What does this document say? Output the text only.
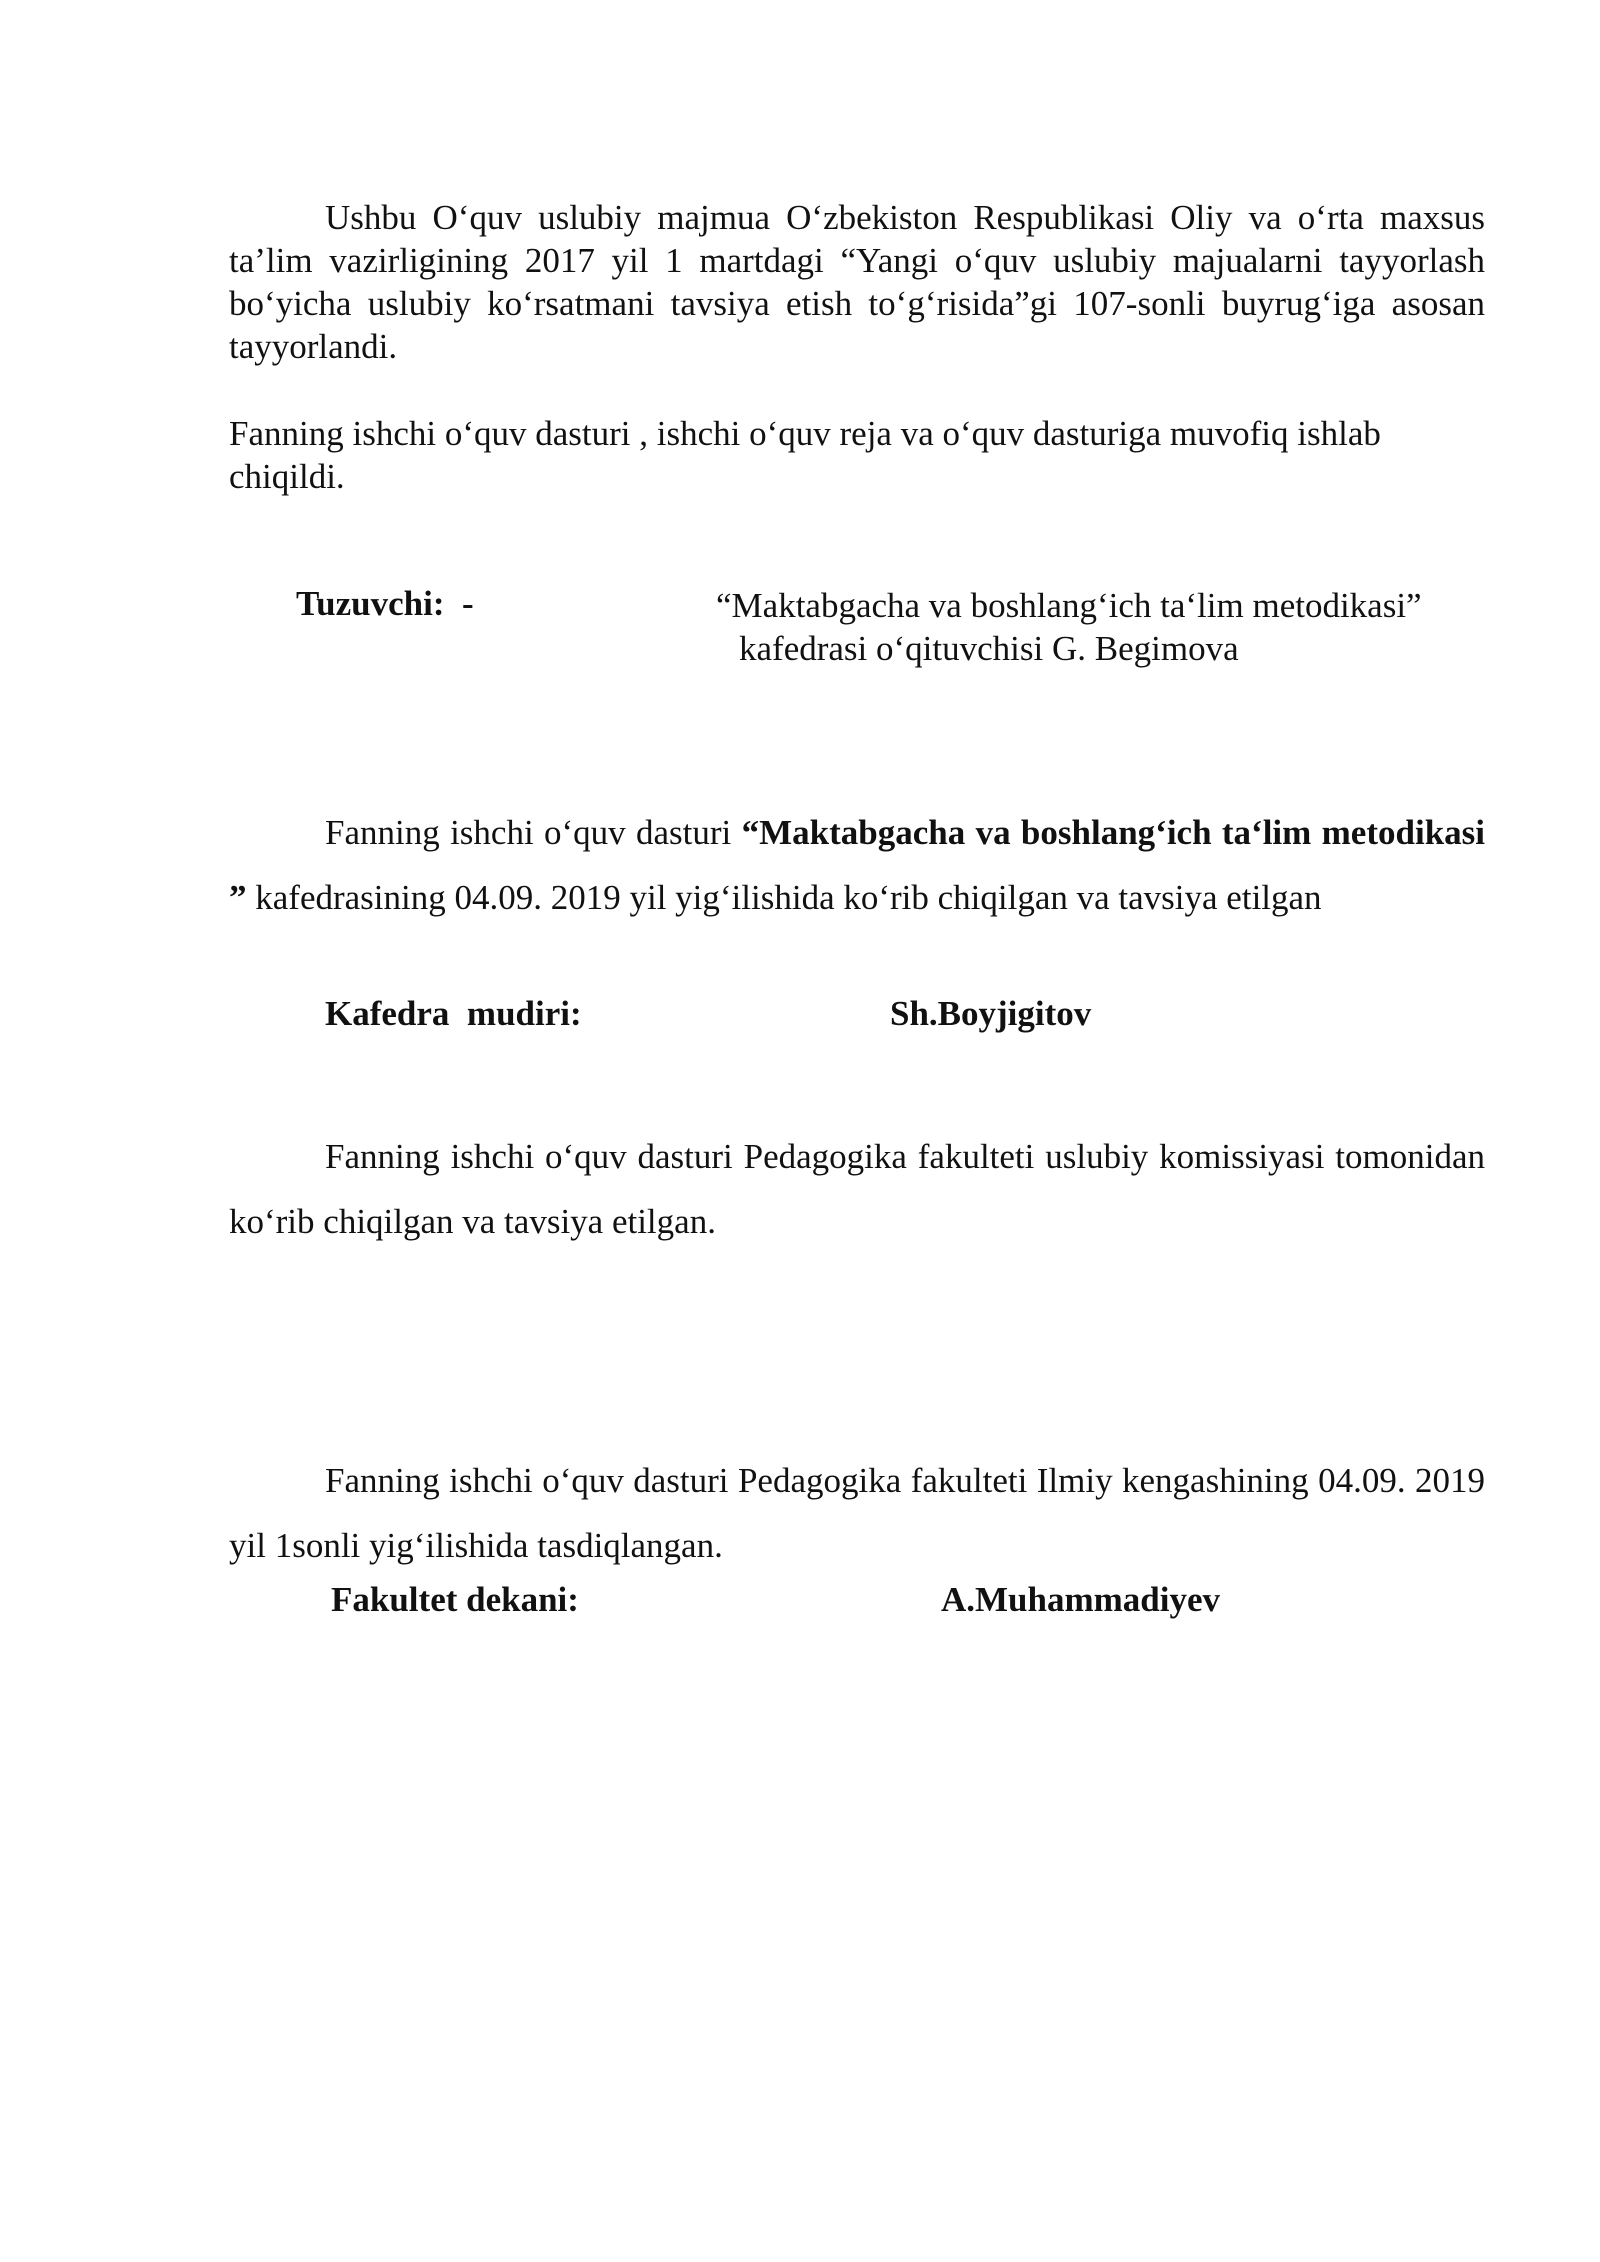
Ushbu O‘quv uslubiy majmua O‘zbekiston Respublikasi Oliy va o‘rta maxsus ta’lim vazirligining 2017 yil 1 martdagi “Yangi o‘quv uslubiy majualarni tayyorlash bo‘yicha uslubiy ko‘rsatmani tavsiya etish to‘g‘risida”gi 107-sonli buyrug‘iga asosan tayyorlandi.

Fanning ishchi o‘quv dasturi , ishchi o‘quv reja va o‘quv dasturiga muvofiq ishlab chiqildi.

Tuzuvchi:  -	“Maktabgacha va boshlang‘ich ta‘lim metodikasi”
kafedrasi o‘qituvchisi G. Begimova

Fanning ishchi o‘quv dasturi “Maktabgacha va boshlang‘ich ta‘lim metodikasi ” kafedrasining 04.09. 2019 yil yig‘ilishida ko‘rib chiqilgan va tavsiya etilgan

Kafedra  mudiri:	Sh.Boyjigitov

Fanning ishchi o‘quv dasturi Pedagogika fakulteti uslubiy komissiyasi tomonidan ko‘rib chiqilgan va tavsiya etilgan.

Fanning ishchi o‘quv dasturi Pedagogika fakulteti Ilmiy kengashining 04.09. 2019 yil 1sonli yig‘ilishida tasdiqlangan.

Fakultet dekani:	A.Muhammadiyev
